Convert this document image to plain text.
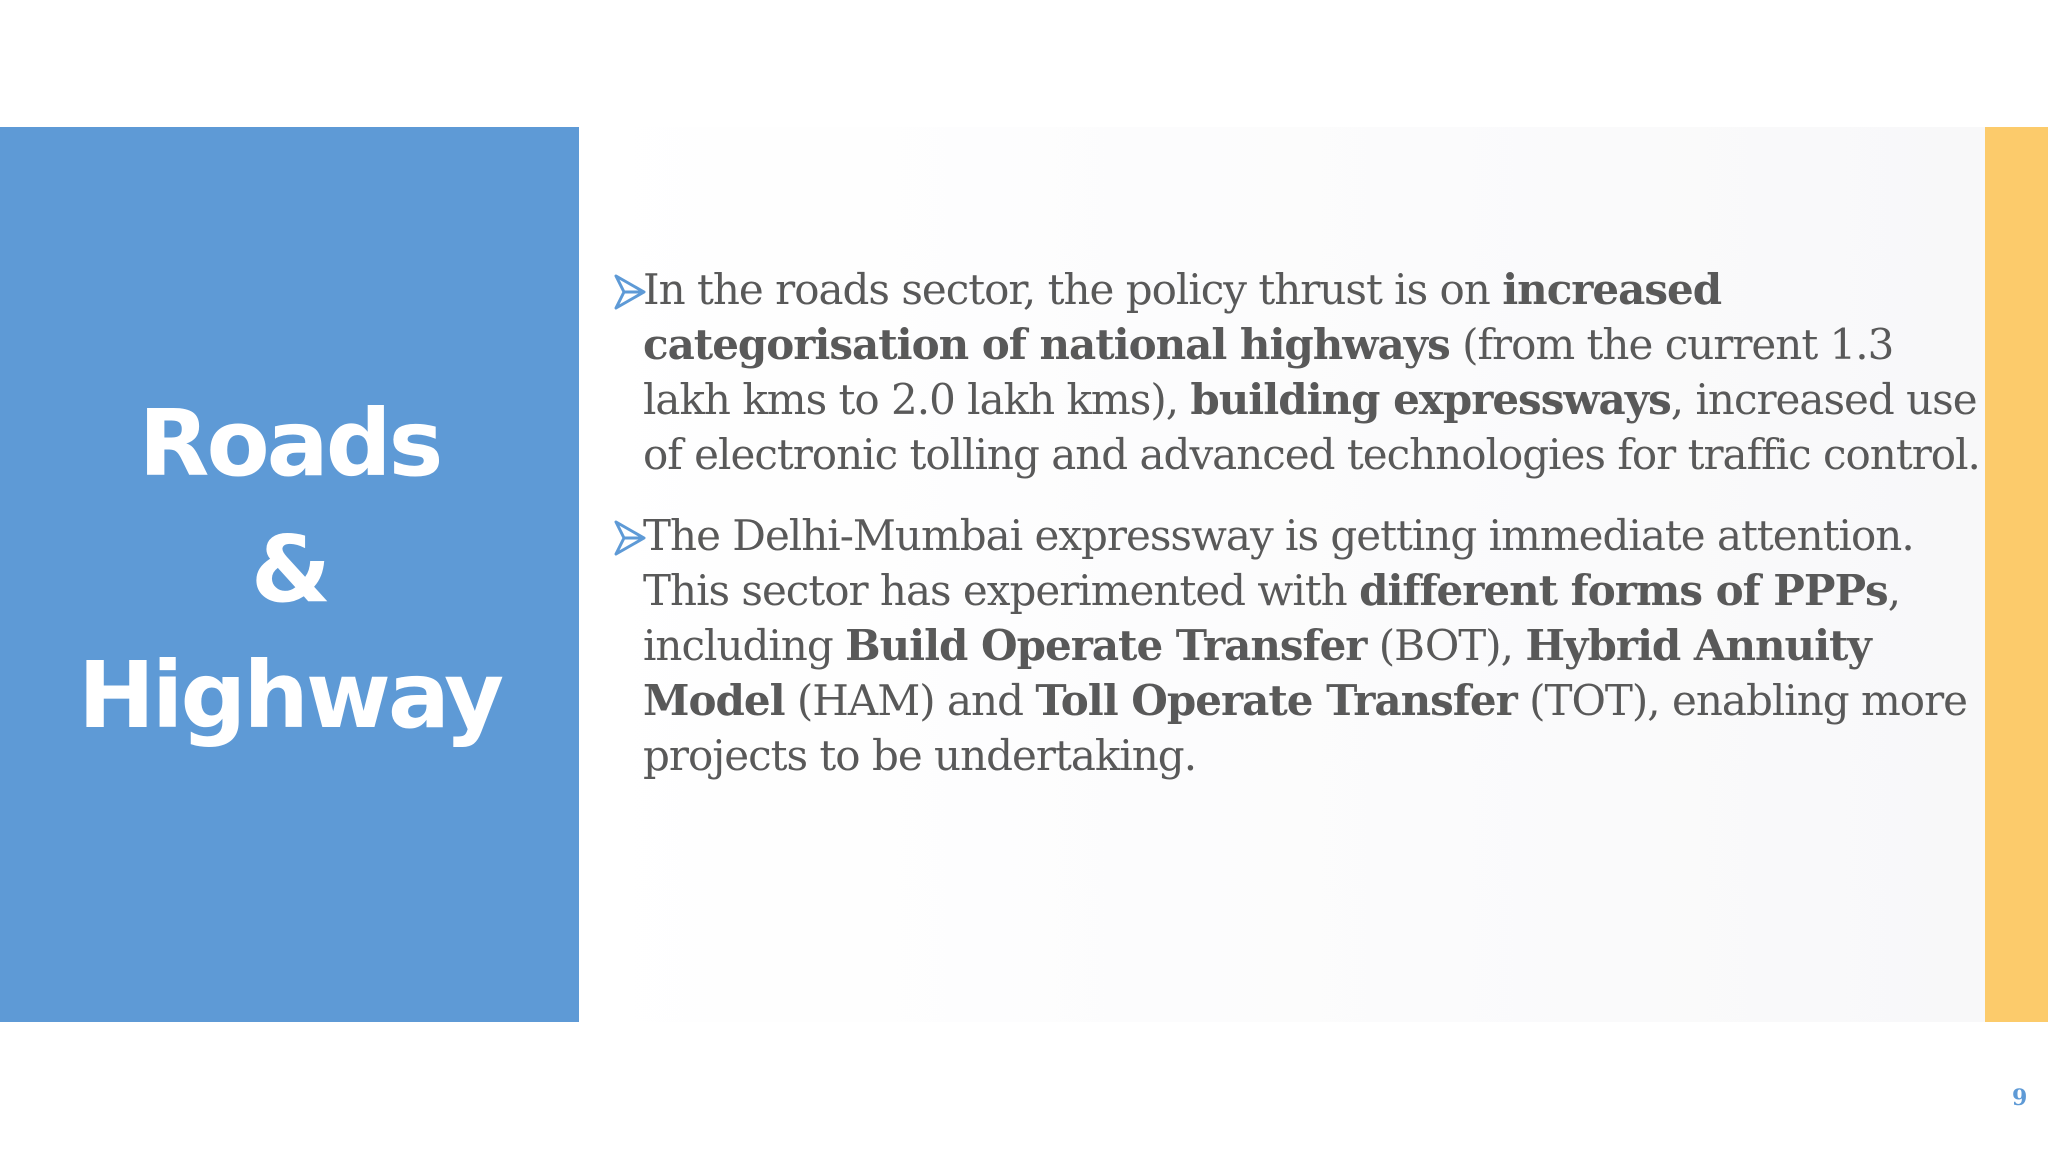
Roads
&
Highway
In the roads sector, the policy thrust is on increased categorisation of national highways (from the current 1.3 lakh kms to 2.0 lakh kms), building expressways, increased use of electronic tolling and advanced technologies for traffic control.
The Delhi-Mumbai expressway is getting immediate attention. This sector has experimented with different forms of PPPs, including Build Operate Transfer (BOT), Hybrid Annuity Model (HAM) and Toll Operate Transfer (TOT), enabling more projects to be undertaking.
9
